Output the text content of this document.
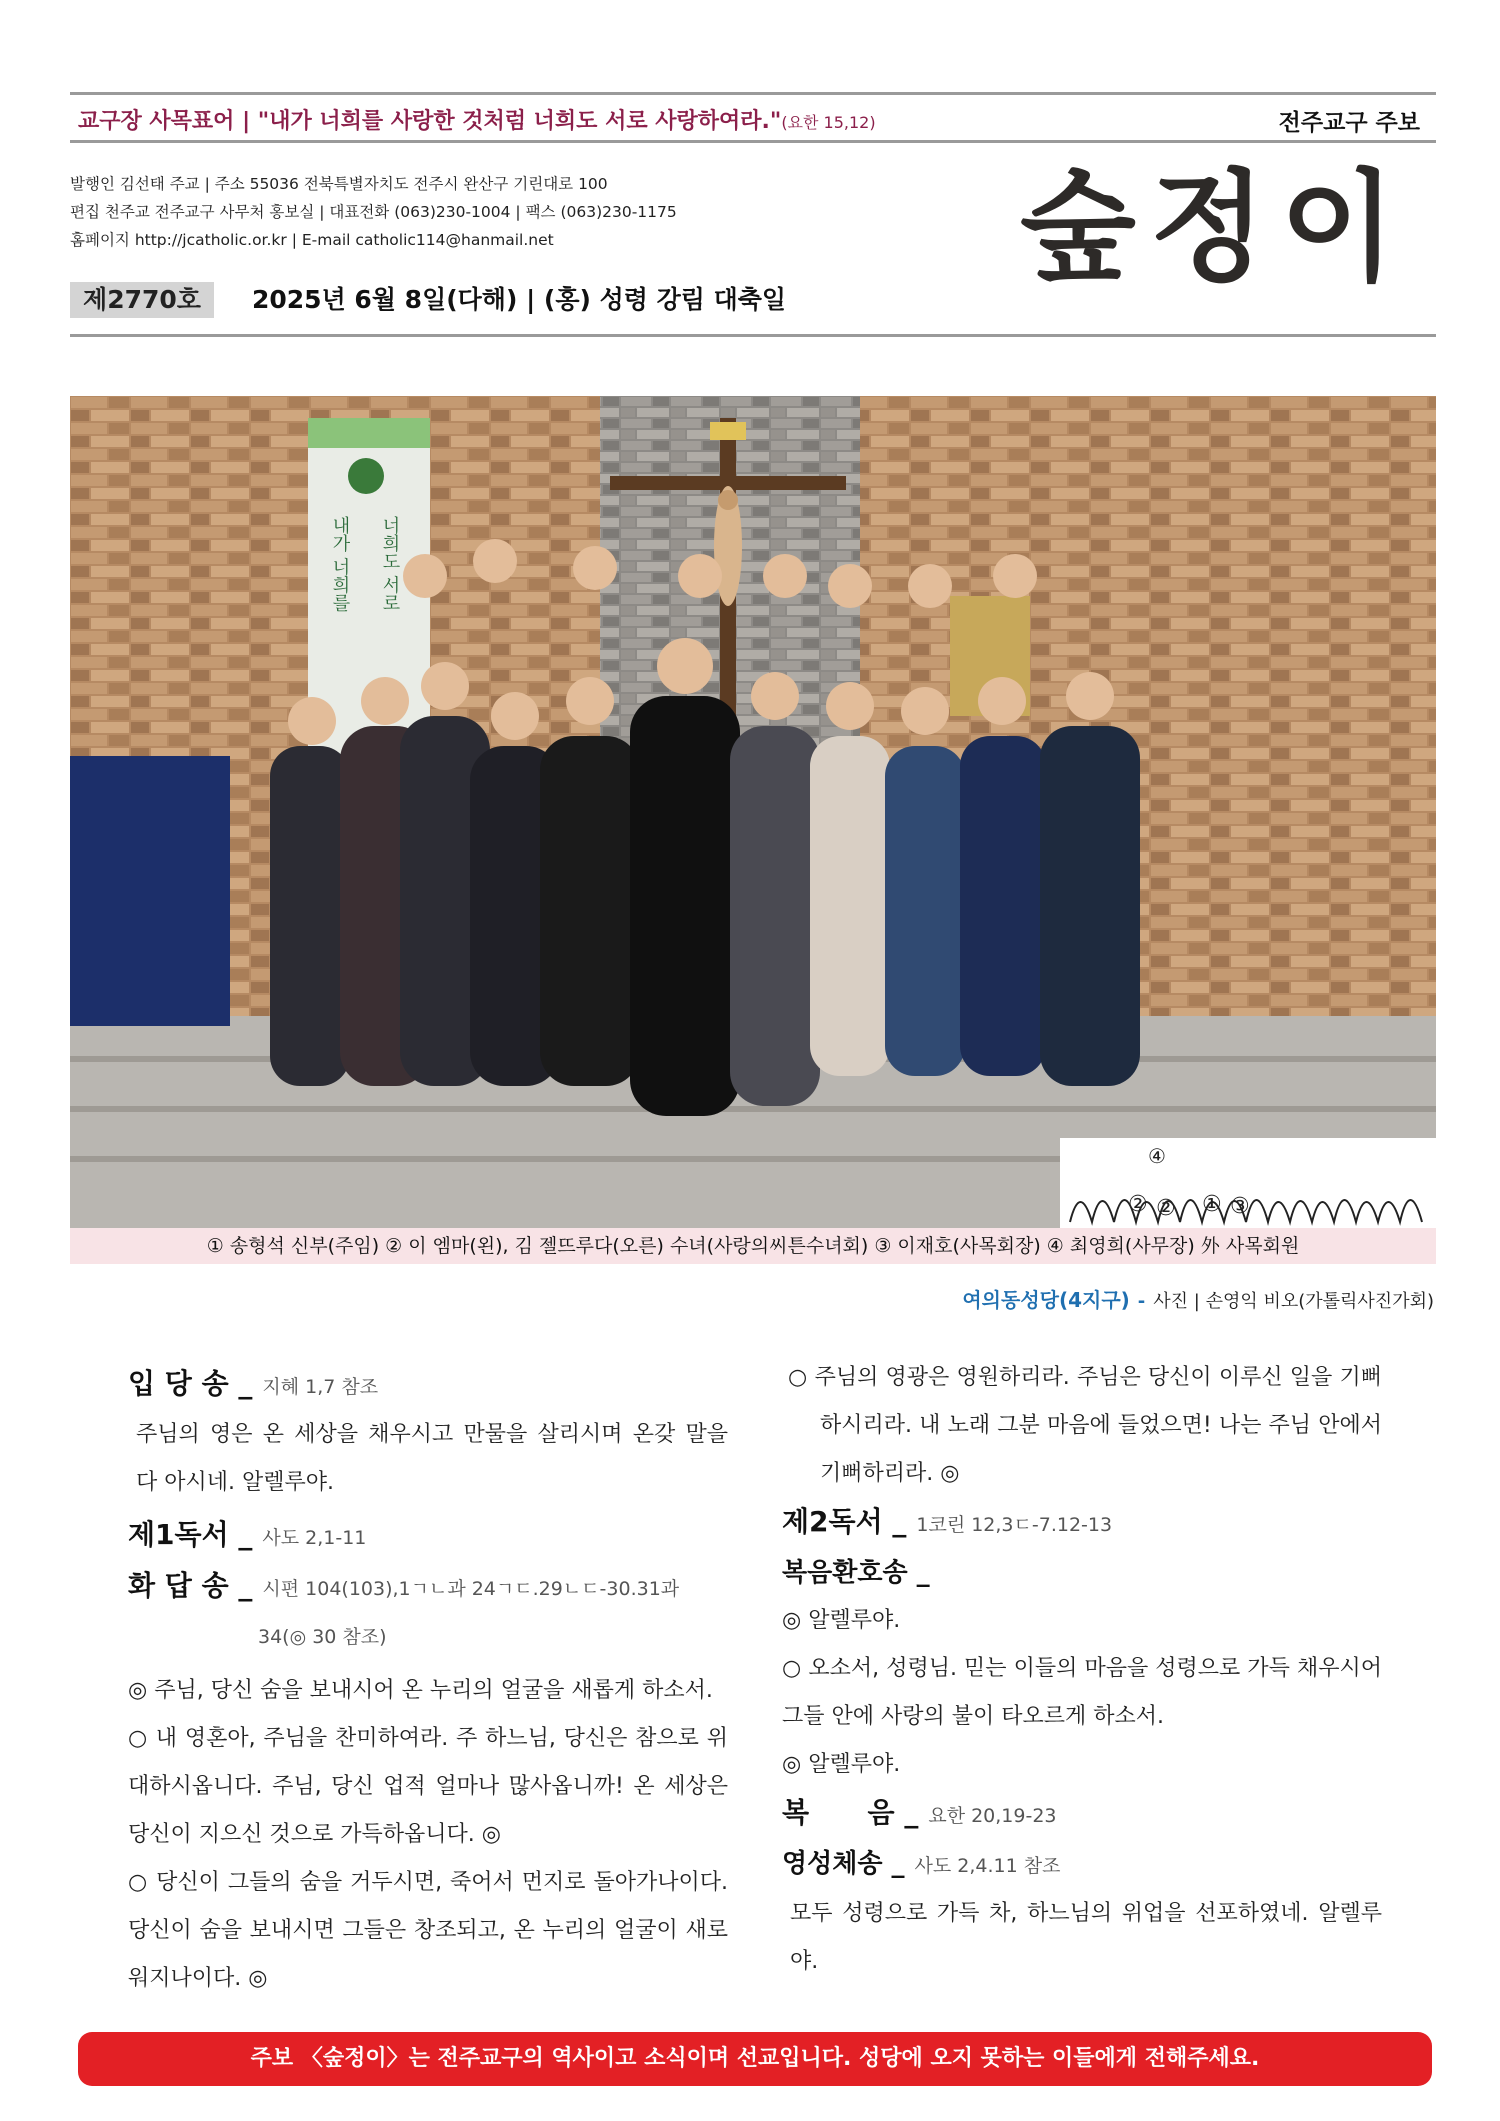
교구장 사목표어 | "내가 너희를 사랑한 것처럼 너희도 서로 사랑하여라."(요한 15,12)	전주교구 주보
발행인 김선태 주교 | 주소 55036 전북특별자치도 전주시 완산구 기린대로 100
편집 천주교 전주교구 사무처 홍보실 | 대표전화 (063)230-1004 | 팩스 (063)230-1175
홈페이지 http://jcatholic.or.kr | E-mail catholic114@hanmail.net
제2770호	2025년 6월 8일(다해) | (홍) 성령 강림 대축일
숲정이
내가 너희를 너희도 서로
④
② ② ① ③
① 송형석 신부(주임) ② 이 엠마(왼), 김 젤뜨루다(오른) 수녀(사랑의씨튼수녀회) ③ 이재호(사목회장) ④ 최영희(사무장) 外 사목회원
여의동성당(4지구) - 사진 | 손영익 비오(가톨릭사진가회)
입 당 송 _ 지혜 1,7 참조

주님의 영은 온 세상을 채우시고 만물을 살리시며 온갖 말을 다 아시네. 알렐루야.

제1독서 _ 사도 2,1-11
화 답 송 _ 시편 104(103),1ㄱㄴ과 24ㄱㄷ.29ㄴㄷ-30.31과
34(◎ 30 참조)

◎ 주님, 당신 숨을 보내시어 온 누리의 얼굴을 새롭게 하소서.

○ 내 영혼아, 주님을 찬미하여라. 주 하느님, 당신은 참으로 위대하시옵니다. 주님, 당신 업적 얼마나 많사옵니까! 온 세상은 당신이 지으신 것으로 가득하옵니다. ◎

○ 당신이 그들의 숨을 거두시면, 죽어서 먼지로 돌아가나이다. 당신이 숨을 보내시면 그들은 창조되고, 온 누리의 얼굴이 새로워지나이다. ◎

○ 주님의 영광은 영원하리라. 주님은 당신이 이루신 일을 기뻐하시리라. 내 노래 그분 마음에 들었으면! 나는 주님 안에서 기뻐하리라. ◎

제2독서 _ 1코린 12,3ㄷ-7.12-13
복음환호송 _

◎ 알렐루야.

○ 오소서, 성령님. 믿는 이들의 마음을 성령으로 가득 채우시어 그들 안에 사랑의 불이 타오르게 하소서.

◎ 알렐루야.

복      음 _ 요한 20,19-23
영성체송 _ 사도 2,4.11 참조

모두 성령으로 가득 차, 하느님의 위업을 선포하였네. 알렐루야.

주보 〈숲정이〉는 전주교구의 역사이고 소식이며 선교입니다. 성당에 오지 못하는 이들에게 전해주세요.
